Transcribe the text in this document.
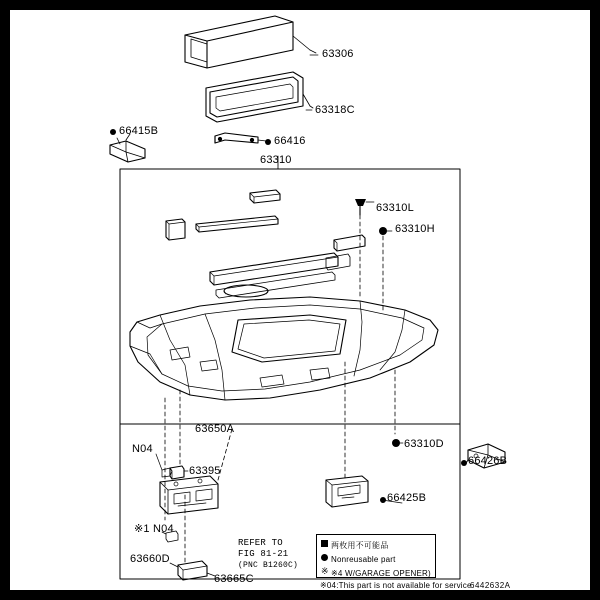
63306
63318C
66415B
66416
63310
63310L
63310H
63650A
63310D
66426B
N04
63395
66425B
※1 N04
63660D
63665C
REFER TO
FIG 81-21
(PNC B1260C)
两枚用不可能品
Nonreusable part
※ ※4 W/GARAGE OPENER)
※04:This part is not available for service
6442632A
